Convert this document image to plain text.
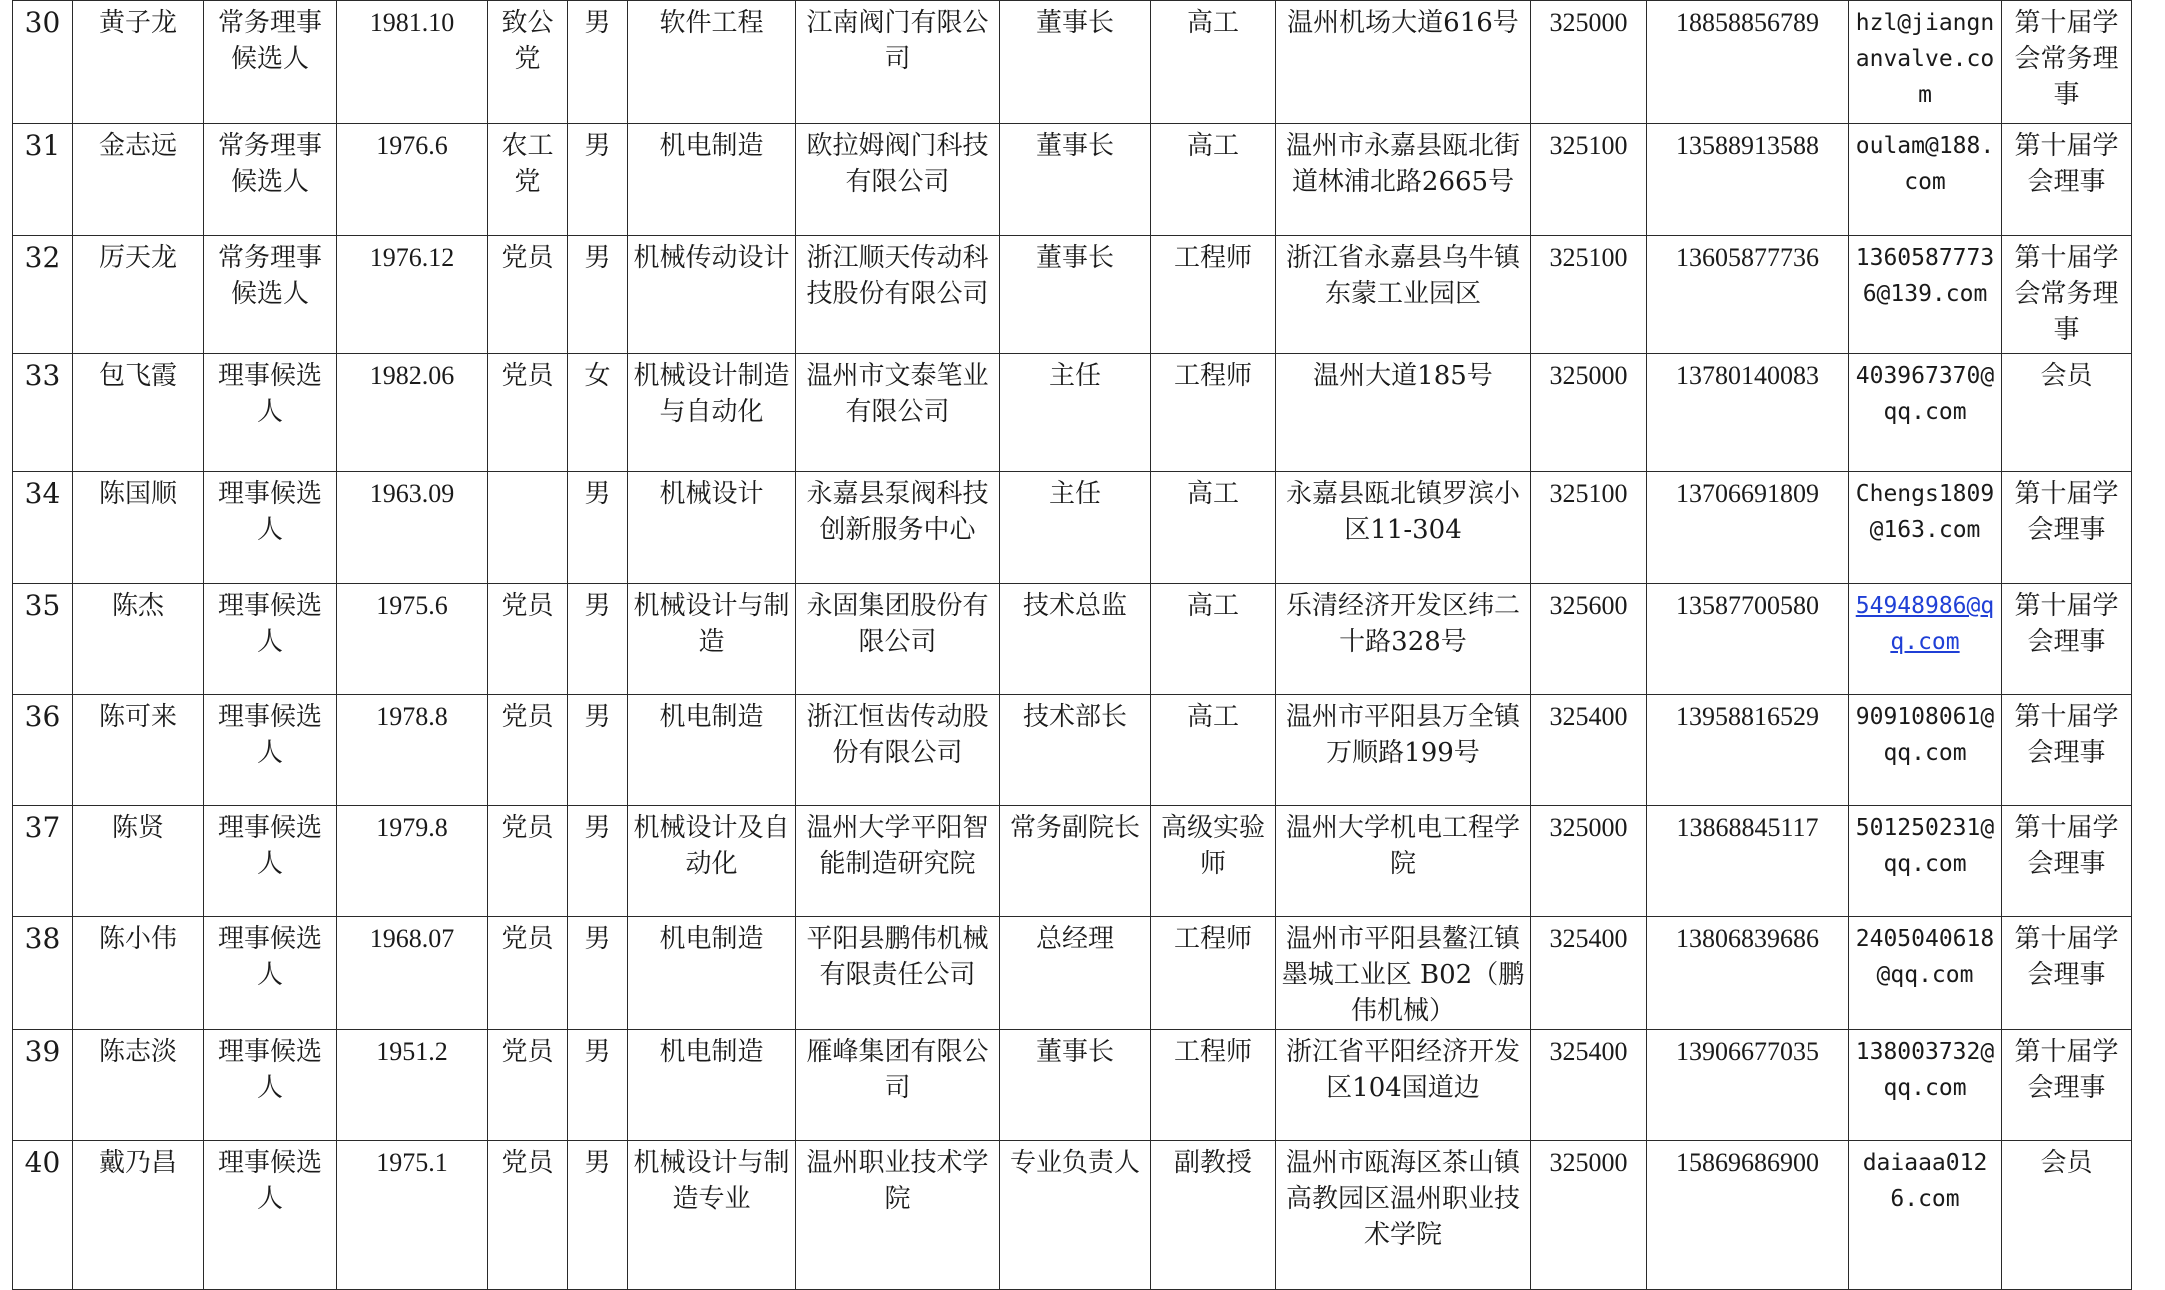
30	黄子龙	常务理事候选人	1981.10	致公党	男	软件工程	江南阀门有限公司	董事长	高工	温州机场大道616号	325000	18858856789	hzl@jiangnanvalve.com	第十届学会常务理事
31	金志远	常务理事候选人	1976.6	农工党	男	机电制造	欧拉姆阀门科技有限公司	董事长	高工	温州市永嘉县瓯北街道林浦北路2665号	325100	13588913588	oulam@188.com	第十届学会理事
32	厉天龙	常务理事候选人	1976.12	党员	男	机械传动设计	浙江顺天传动科技股份有限公司	董事长	工程师	浙江省永嘉县乌牛镇东蒙工业园区	325100	13605877736	13605877736@139.com	第十届学会常务理事
33	包飞霞	理事候选人	1982.06	党员	女	机械设计制造与自动化	温州市文泰笔业有限公司	主任	工程师	温州大道185号	325000	13780140083	403967370@qq.com	会员
34	陈国顺	理事候选人	1963.09		男	机械设计	永嘉县泵阀科技创新服务中心	主任	高工	永嘉县瓯北镇罗滨小区11-304	325100	13706691809	Chengs1809@163.com	第十届学会理事
35	陈杰	理事候选人	1975.6	党员	男	机械设计与制造	永固集团股份有限公司	技术总监	高工	乐清经济开发区纬二十路328号	325600	13587700580	54948986@qq.com	第十届学会理事
36	陈可来	理事候选人	1978.8	党员	男	机电制造	浙江恒齿传动股份有限公司	技术部长	高工	温州市平阳县万全镇万顺路199号	325400	13958816529	909108061@qq.com	第十届学会理事
37	陈贤	理事候选人	1979.8	党员	男	机械设计及自动化	温州大学平阳智能制造研究院	常务副院长	高级实验师	温州大学机电工程学院	325000	13868845117	501250231@qq.com	第十届学会理事
38	陈小伟	理事候选人	1968.07	党员	男	机电制造	平阳县鹏伟机械有限责任公司	总经理	工程师	温州市平阳县鳌江镇墨城工业区 B02（鹏伟机械）	325400	13806839686	2405040618@qq.com	第十届学会理事
39	陈志淡	理事候选人	1951.2	党员	男	机电制造	雁峰集团有限公司	董事长	工程师	浙江省平阳经济开发区104国道边	325400	13906677035	138003732@qq.com	第十届学会理事
40	戴乃昌	理事候选人	1975.1	党员	男	机械设计与制造专业	温州职业技术学院	专业负责人	副教授	温州市瓯海区茶山镇高教园区温州职业技术学院	325000	15869686900	daiaaa0126.com	会员
